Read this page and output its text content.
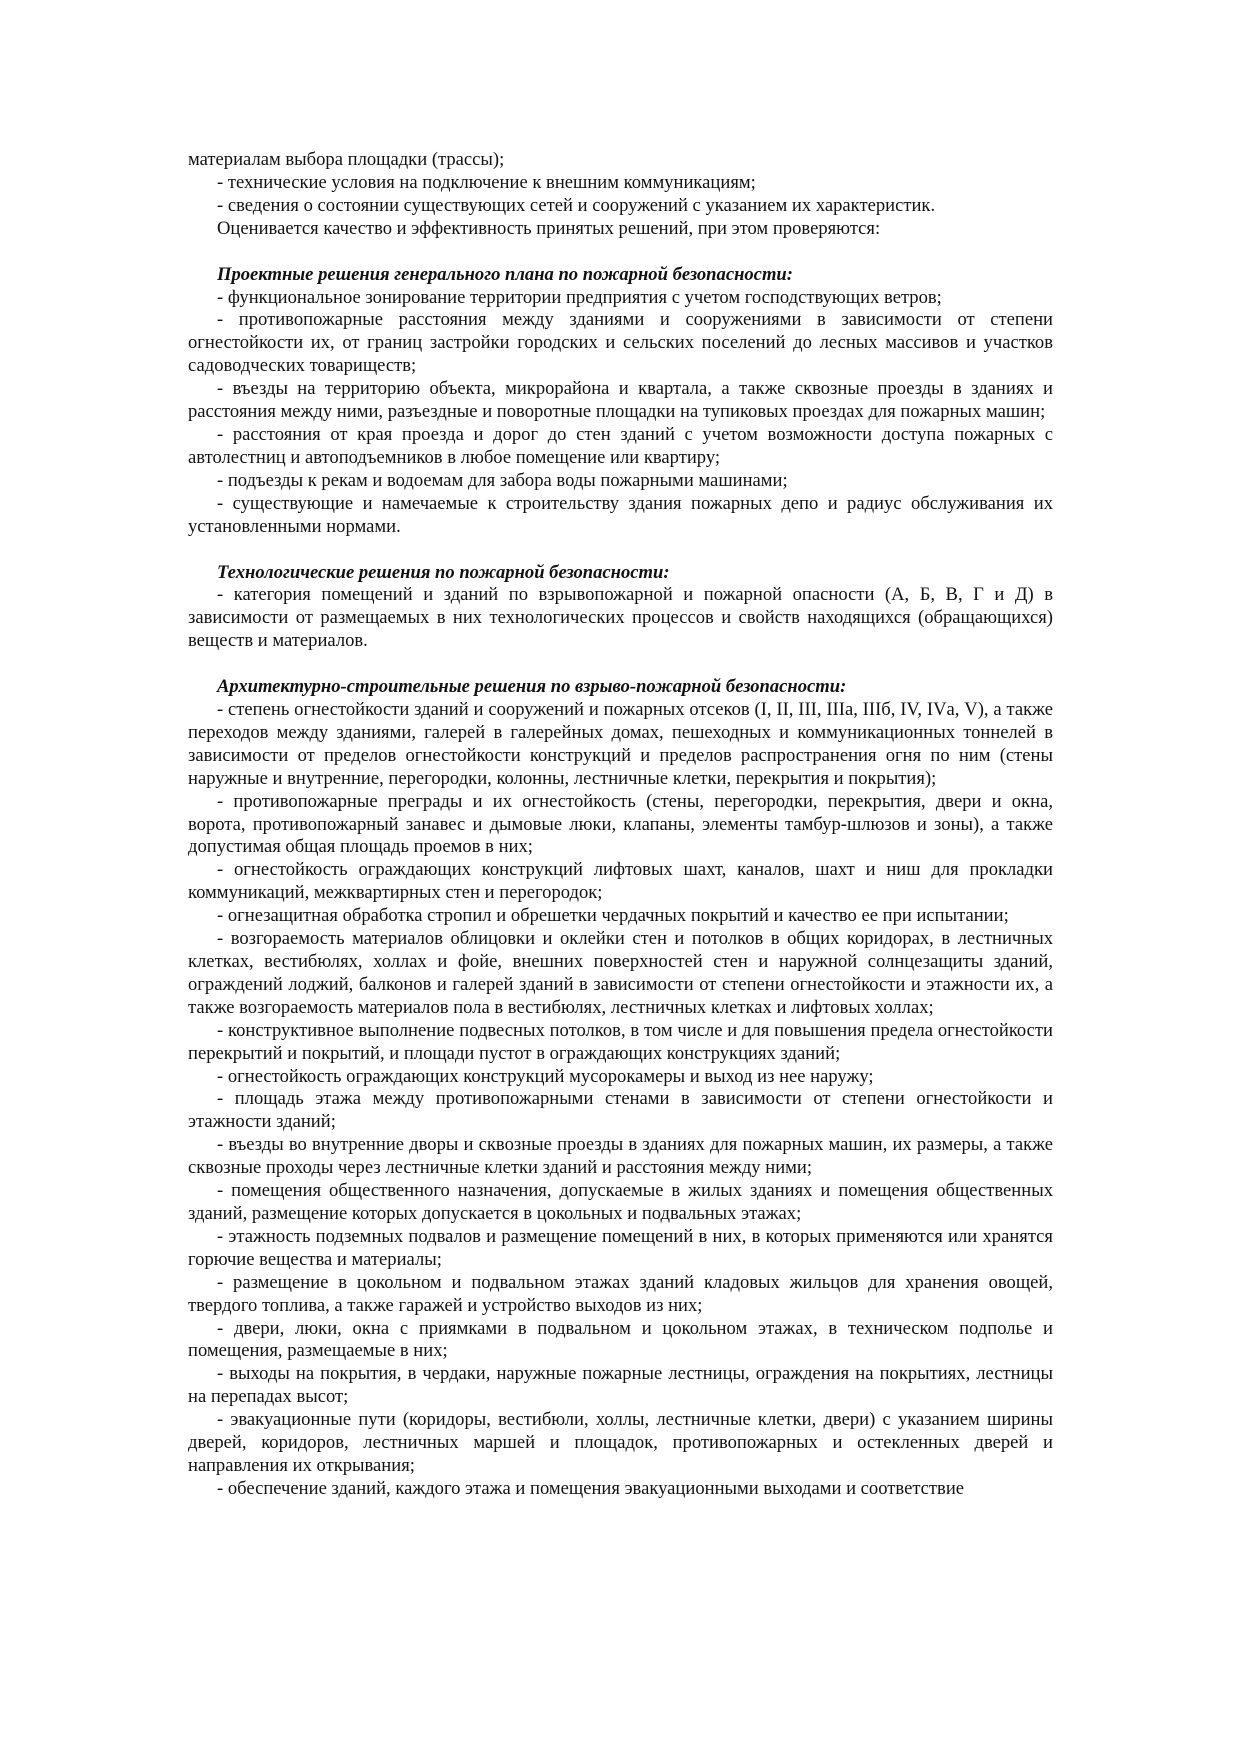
материалам выбора площадки (трассы);

- технические условия на подключение к внешним коммуникациям;

- сведения о состоянии существующих сетей и сооружений с указанием их характеристик.

Оценивается качество и эффективность принятых решений, при этом проверяются:

Проектные решения генерального плана по пожарной безопасности:

- функциональное зонирование территории предприятия с учетом господствующих ветров;

- противопожарные расстояния между зданиями и сооружениями в зависимости от степени огнестойкости их, от границ застройки городских и сельских поселений до лесных массивов и участков садоводческих товариществ;

- въезды на территорию объекта, микрорайона и квартала, а также сквозные проезды в зданиях и расстояния между ними, разъездные и поворотные площадки на тупиковых проездах для пожарных машин;

- расстояния от края проезда и дорог до стен зданий с учетом возможности доступа пожарных с автолестниц и автоподъемников в любое помещение или квартиру;

- подъезды к рекам и водоемам для забора воды пожарными машинами;

- существующие и намечаемые к строительству здания пожарных депо и радиус обслуживания их установленными нормами.

Технологические решения по пожарной безопасности:

- категория помещений и зданий по взрывопожарной и пожарной опасности (А, Б, В, Г и Д) в зависимости от размещаемых в них технологических процессов и свойств находящихся (обращающихся) веществ и материалов.

Архитектурно-строительные решения по взрыво-пожарной безопасности:

- степень огнестойкости зданий и сооружений и пожарных отсеков (I, II, III, IIIа, IIIб, IV, IVа, V), а также переходов между зданиями, галерей в галерейных домах, пешеходных и коммуникационных тоннелей в зависимости от пределов огнестойкости конструкций и пределов распространения огня по ним (стены наружные и внутренние, перегородки, колонны, лестничные клетки, перекрытия и покрытия);

- противопожарные преграды и их огнестойкость (стены, перегородки, перекрытия, двери и окна, ворота, противопожарный занавес и дымовые люки, клапаны, элементы тамбур-шлюзов и зоны), а также допустимая общая площадь проемов в них;

- огнестойкость ограждающих конструкций лифтовых шахт, каналов, шахт и ниш для прокладки коммуникаций, межквартирных стен и перегородок;

- огнезащитная обработка стропил и обрешетки чердачных покрытий и качество ее при испытании;

- возгораемость материалов облицовки и оклейки стен и потолков в общих коридорах, в лестничных клетках, вестибюлях, холлах и фойе, внешних поверхностей стен и наружной солнцезащиты зданий, ограждений лоджий, балконов и галерей зданий в зависимости от степени огнестойкости и этажности их, а также возгораемость материалов пола в вестибюлях, лестничных клетках и лифтовых холлах;

- конструктивное выполнение подвесных потолков, в том числе и для повышения предела огнестойкости перекрытий и покрытий, и площади пустот в ограждающих конструкциях зданий;

- огнестойкость ограждающих конструкций мусорокамеры и выход из нее наружу;

- площадь этажа между противопожарными стенами в зависимости от степени огнестойкости и этажности зданий;

- въезды во внутренние дворы и сквозные проезды в зданиях для пожарных машин, их размеры, а также сквозные проходы через лестничные клетки зданий и расстояния между ними;

- помещения общественного назначения, допускаемые в жилых зданиях и помещения общественных зданий, размещение которых допускается в цокольных и подвальных этажах;

- этажность подземных подвалов и размещение помещений в них, в которых применяются или хранятся горючие вещества и материалы;

- размещение в цокольном и подвальном этажах зданий кладовых жильцов для хранения овощей, твердого топлива, а также гаражей и устройство выходов из них;

- двери, люки, окна с приямками в подвальном и цокольном этажах, в техническом подполье и помещения, размещаемые в них;

- выходы на покрытия, в чердаки, наружные пожарные лестницы, ограждения на покрытиях, лестницы на перепадах высот;

- эвакуационные пути (коридоры, вестибюли, холлы, лестничные клетки, двери) с указанием ширины дверей, коридоров, лестничных маршей и площадок, противопожарных и остекленных дверей и направления их открывания;

- обеспечение зданий, каждого этажа и помещения эвакуационными выходами и соответствие
